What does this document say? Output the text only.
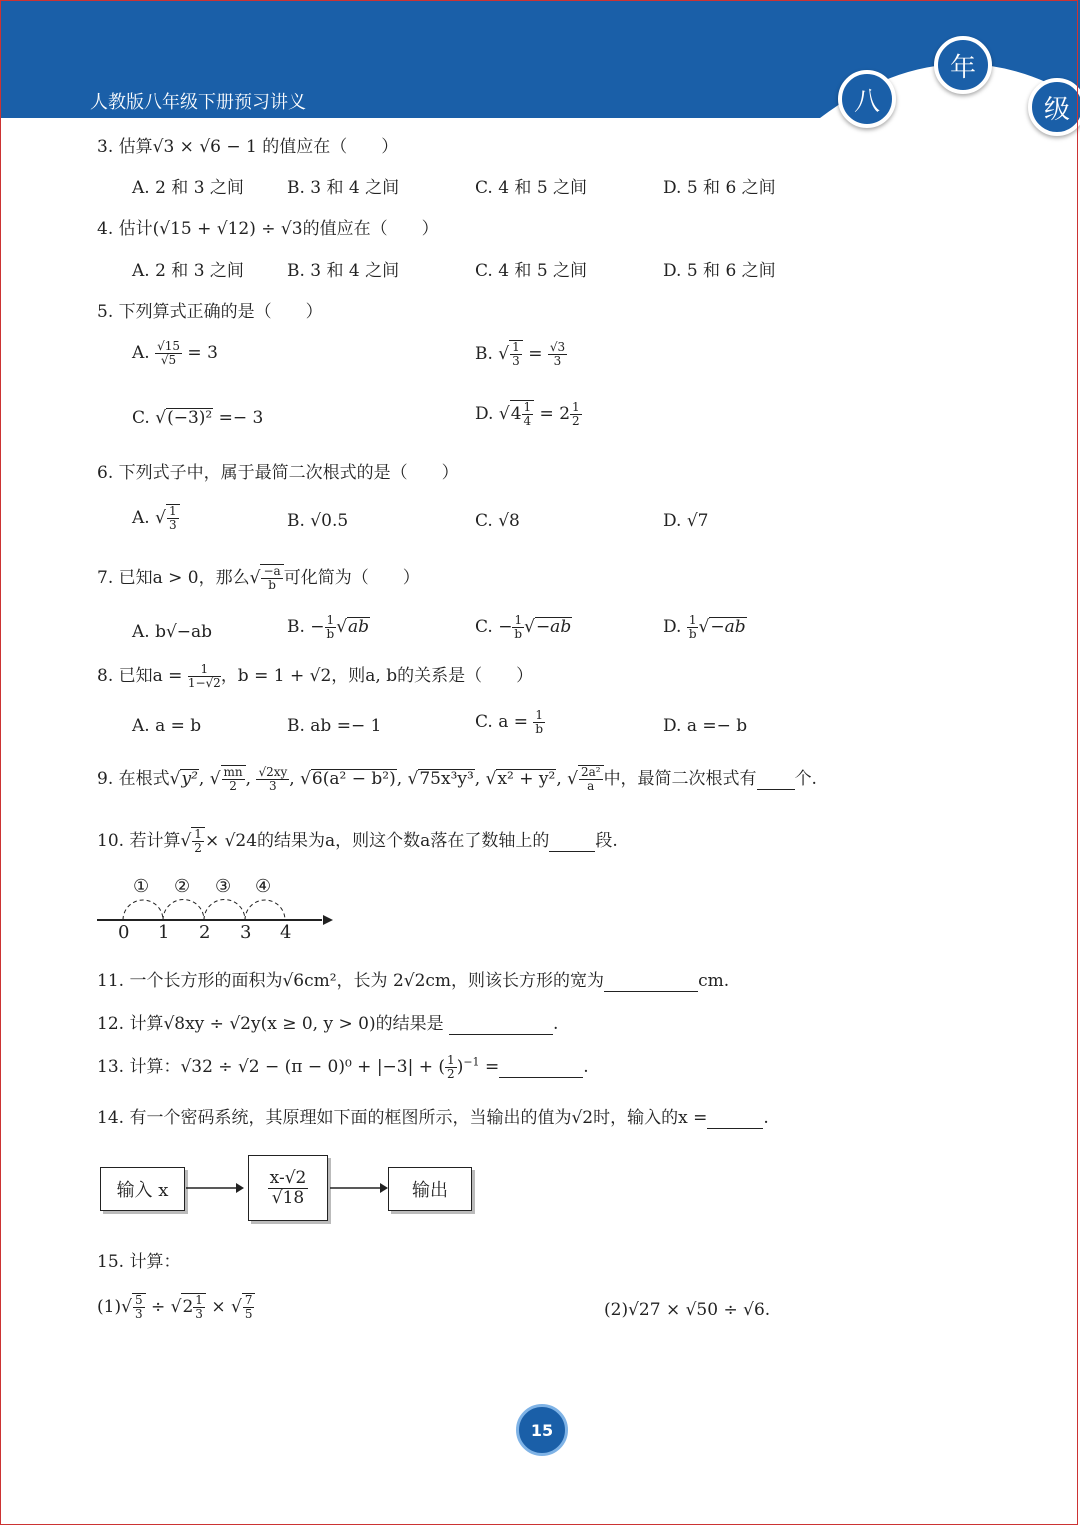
人教版八年级下册预习讲义	八
年
级
3. 估算√3 × √6 − 1 的值应在（　　）
A. 2 和 3 之间	B. 3 和 4 之间	C. 4 和 5 之间	D. 5 和 6 之间
4. 估计(√15 + √12) ÷ √3的值应在（　　）
A. 2 和 3 之间	B. 3 和 4 之间	C. 4 和 5 之间	D. 5 和 6 之间
5. 下列算式正确的是（　　）
A. $\frac{√15}{√5} = 3$	B. √ $\frac{1}{3} = \frac{√3}{3}$
C. √(−3)² =− 3	D. $√4 \frac{1}{4} = 2 \frac{1}{2}$
6. 下列式子中，属于最简二次根式的是（　　）
A. √ $\frac{1}{3}$	B. √0.5	C. √8	D. √7
7. 已知a > 0，那么√ $\frac{-a}{b}$ 可化简为（　　）
A. b√−ab	B. − $\frac{1}{b} √ab$	C. − $\frac{1}{b} √-ab$	D. $\frac{1}{b} √-ab$
8. 已知$a = \frac{1}{1-√2}$ ，b = 1 + √2，则a, b的关系是（　　）
A. a = b	B. ab =− 1	C. $a = \frac{1}{b}$	D. a =− b
9. 在根式√y², √ $\frac{mn}{2}$ , $\frac{√2xy}{3}$ , √6(a² − b²), √75x³y³, √x² + y², √ $\frac{\text{2a²}}{a}$ 中，最简二次根式有 个.
10. 若计算√ $\frac{1}{2} \times √24$的结果为a，则这个数a落在了数轴上的	段.
① ② ③ ④
0 1 2 3 4
11. 一个长方形的面积为√6cm²，长为 2√2cm，则该长方形的宽为	cm.
12. 计算√8xy ÷ √2y(x ≥ 0, y > 0)的结果是	.
13. 计算：√32 ÷ √2 − (π − 0)⁰ + |−3| + ( $\frac{1}{2} )^{-1}$ =	.
14. 有一个密码系统，其原理如下面的框图所示，当输出的值为√2时，输入的x =	.
输入 x	$\frac{x-√2}{√18}$	输出
15. 计算：
$(1)√ \frac{5}{3} \div √2 \frac{1}{3}$ × √ $\frac{7}{5}$	(2)√27 × √50 ÷ √6.
15
